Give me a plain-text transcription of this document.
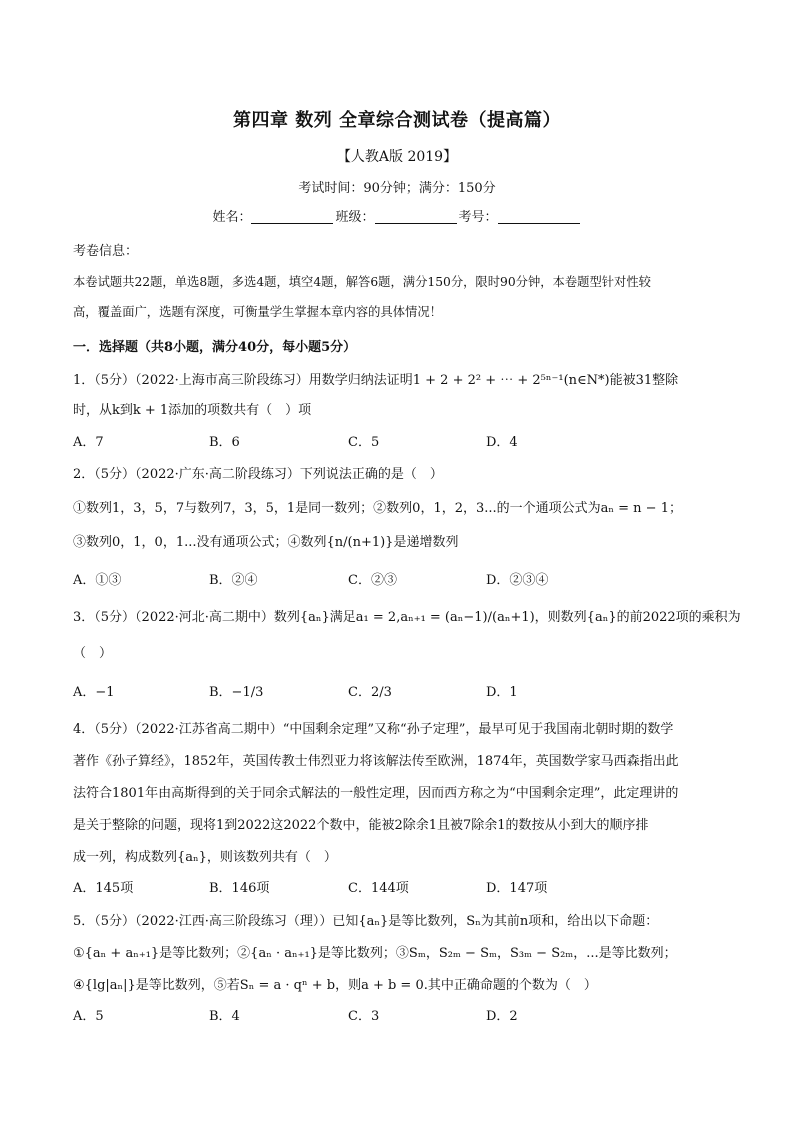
第四章 数列 全章综合测试卷（提高篇）
【人教A版 2019】
考试时间：90分钟；满分：150分
姓名：	班级：	考号：
考卷信息：
本卷试题共22题，单选8题，多选4题，填空4题，解答6题，满分150分，限时90分钟，本卷题型针对性较
高，覆盖面广，选题有深度，可衡量学生掌握本章内容的具体情况！
一．选择题（共8小题，满分40分，每小题5分）
1．（5分）（2022·上海市高三阶段练习）用数学归纳法证明1 + 2 + 2² + ⋯ + 2⁵ⁿ⁻¹(n∈N*)能被31整除
时，从k到k + 1添加的项数共有（　）项
A．7	B．6	C．5	D．4
2．（5分）（2022·广东·高二阶段练习）下列说法正确的是（　）
①数列1，3，5，7与数列7，3，5，1是同一数列；②数列0，1，2，3...的一个通项公式为aₙ = n − 1；
③数列0，1，0，1...没有通项公式；④数列{n/(n+1)}是递增数列
A．①③	B．②④	C．②③	D．②③④
3．（5分）（2022·河北·高二期中）数列{aₙ}满足a₁ = 2,aₙ₊₁ = (aₙ−1)/(aₙ+1)，则数列{aₙ}的前2022项的乘积为
（　）
A．−1	B．−1/3	C．2/3	D．1
4．（5分）（2022·江苏省高二期中）“中国剩余定理”又称“孙子定理”，最早可见于我国南北朝时期的数学
著作《孙子算经》，1852年，英国传教士伟烈亚力将该解法传至欧洲，1874年，英国数学家马西森指出此
法符合1801年由高斯得到的关于同余式解法的一般性定理，因而西方称之为“中国剩余定理”，此定理讲的
是关于整除的问题，现将1到2022这2022个数中，能被2除余1且被7除余1的数按从小到大的顺序排
成一列，构成数列{aₙ}，则该数列共有（　）
A．145项	B．146项	C．144项	D．147项
5．（5分）（2022·江西·高三阶段练习（理））已知{aₙ}是等比数列，Sₙ为其前n项和，给出以下命题：
①{aₙ + aₙ₊₁}是等比数列；②{aₙ · aₙ₊₁}是等比数列；③Sₘ，S₂ₘ − Sₘ，S₃ₘ − S₂ₘ，...是等比数列；
④{lg|aₙ|}是等比数列，⑤若Sₙ = a · qⁿ + b，则a + b = 0.其中正确命题的个数为（　）
A．5	B．4	C．3	D．2
